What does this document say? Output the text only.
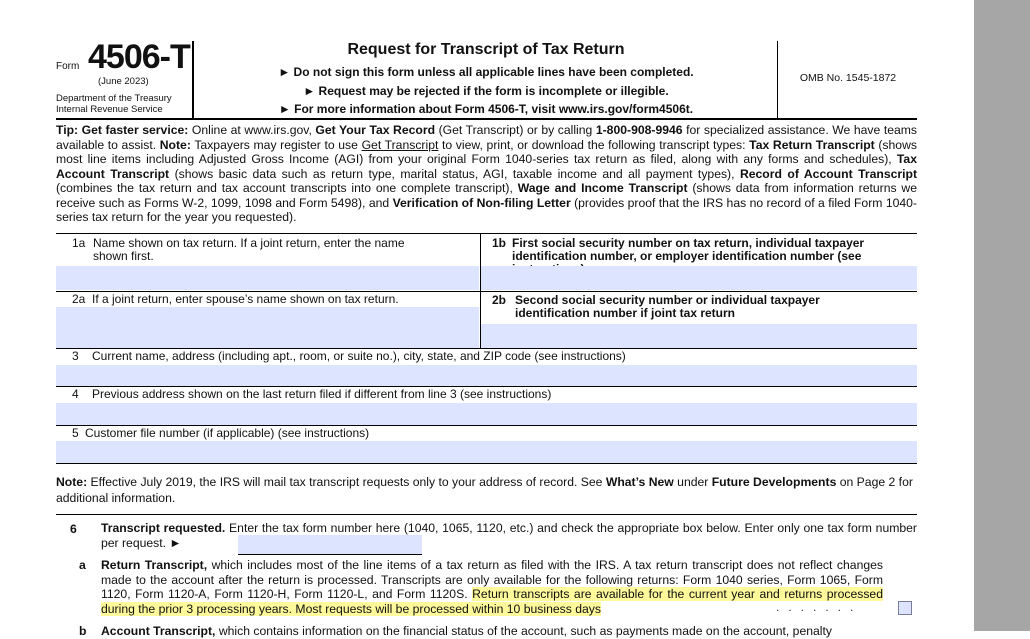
Form 4506-T
(June 2023)
Department of the Treasury
Internal Revenue Service
Request for Transcript of Tax Return
► Do not sign this form unless all applicable lines have been completed.
► Request may be rejected if the form is incomplete or illegible.
► For more information about Form 4506-T, visit www.irs.gov/form4506t.
OMB No. 1545-1872
Tip: Get faster service: Online at www.irs.gov, Get Your Tax Record (Get Transcript) or by calling 1-800-908-9946 for specialized assistance. We have teams available to assist. Note: Taxpayers may register to use Get Transcript to view, print, or download the following transcript types: Tax Return Transcript (shows most line items including Adjusted Gross Income (AGI) from your original Form 1040-series tax return as filed, along with any forms and schedules), Tax Account Transcript (shows basic data such as return type, marital status, AGI, taxable income and all payment types), Record of Account Transcript (combines the tax return and tax account transcripts into one complete transcript), Wage and Income Transcript (shows data from information returns we receive such as Forms W-2, 1099, 1098 and Form 5498), and Verification of Non-filing Letter (provides proof that the IRS has no record of a filed Form 1040-series tax return for the year you requested).
1a Name shown on tax return. If a joint return, enter the name shown first.
1b First social security number on tax return, individual taxpayer identification number, or employer identification number (see
2a If a joint return, enter spouse’s name shown on tax return.	2b Second social security number or individual taxpayer identification number if joint tax return
3 Current name, address (including apt., room, or suite no.), city, state, and ZIP code (see instructions)
4 Previous address shown on the last return filed if different from line 3 (see instructions)
5 Customer file number (if applicable) (see instructions)
Note: Effective July 2019, the IRS will mail tax transcript requests only to your address of record. See What’s New under Future Developments on Page 2 for additional information.
6 Transcript requested. Enter the tax form number here (1040, 1065, 1120, etc.) and check the appropriate box below. Enter only one tax form number per request. ►
a Return Transcript, which includes most of the line items of a tax return as filed with the IRS. A tax return transcript does not reflect changes made to the account after the return is processed. Transcripts are only available for the following returns: Form 1040 series, Form 1065, Form 1120, Form 1120-A, Form 1120-H, Form 1120-L, and Form 1120S. Return transcripts are available for the current year and returns processed during the prior 3 processing years. Most requests will be processed within 10 business days	.......
b Account Transcript, which contains information on the financial status of the account, such as payments made on the account, penalty
